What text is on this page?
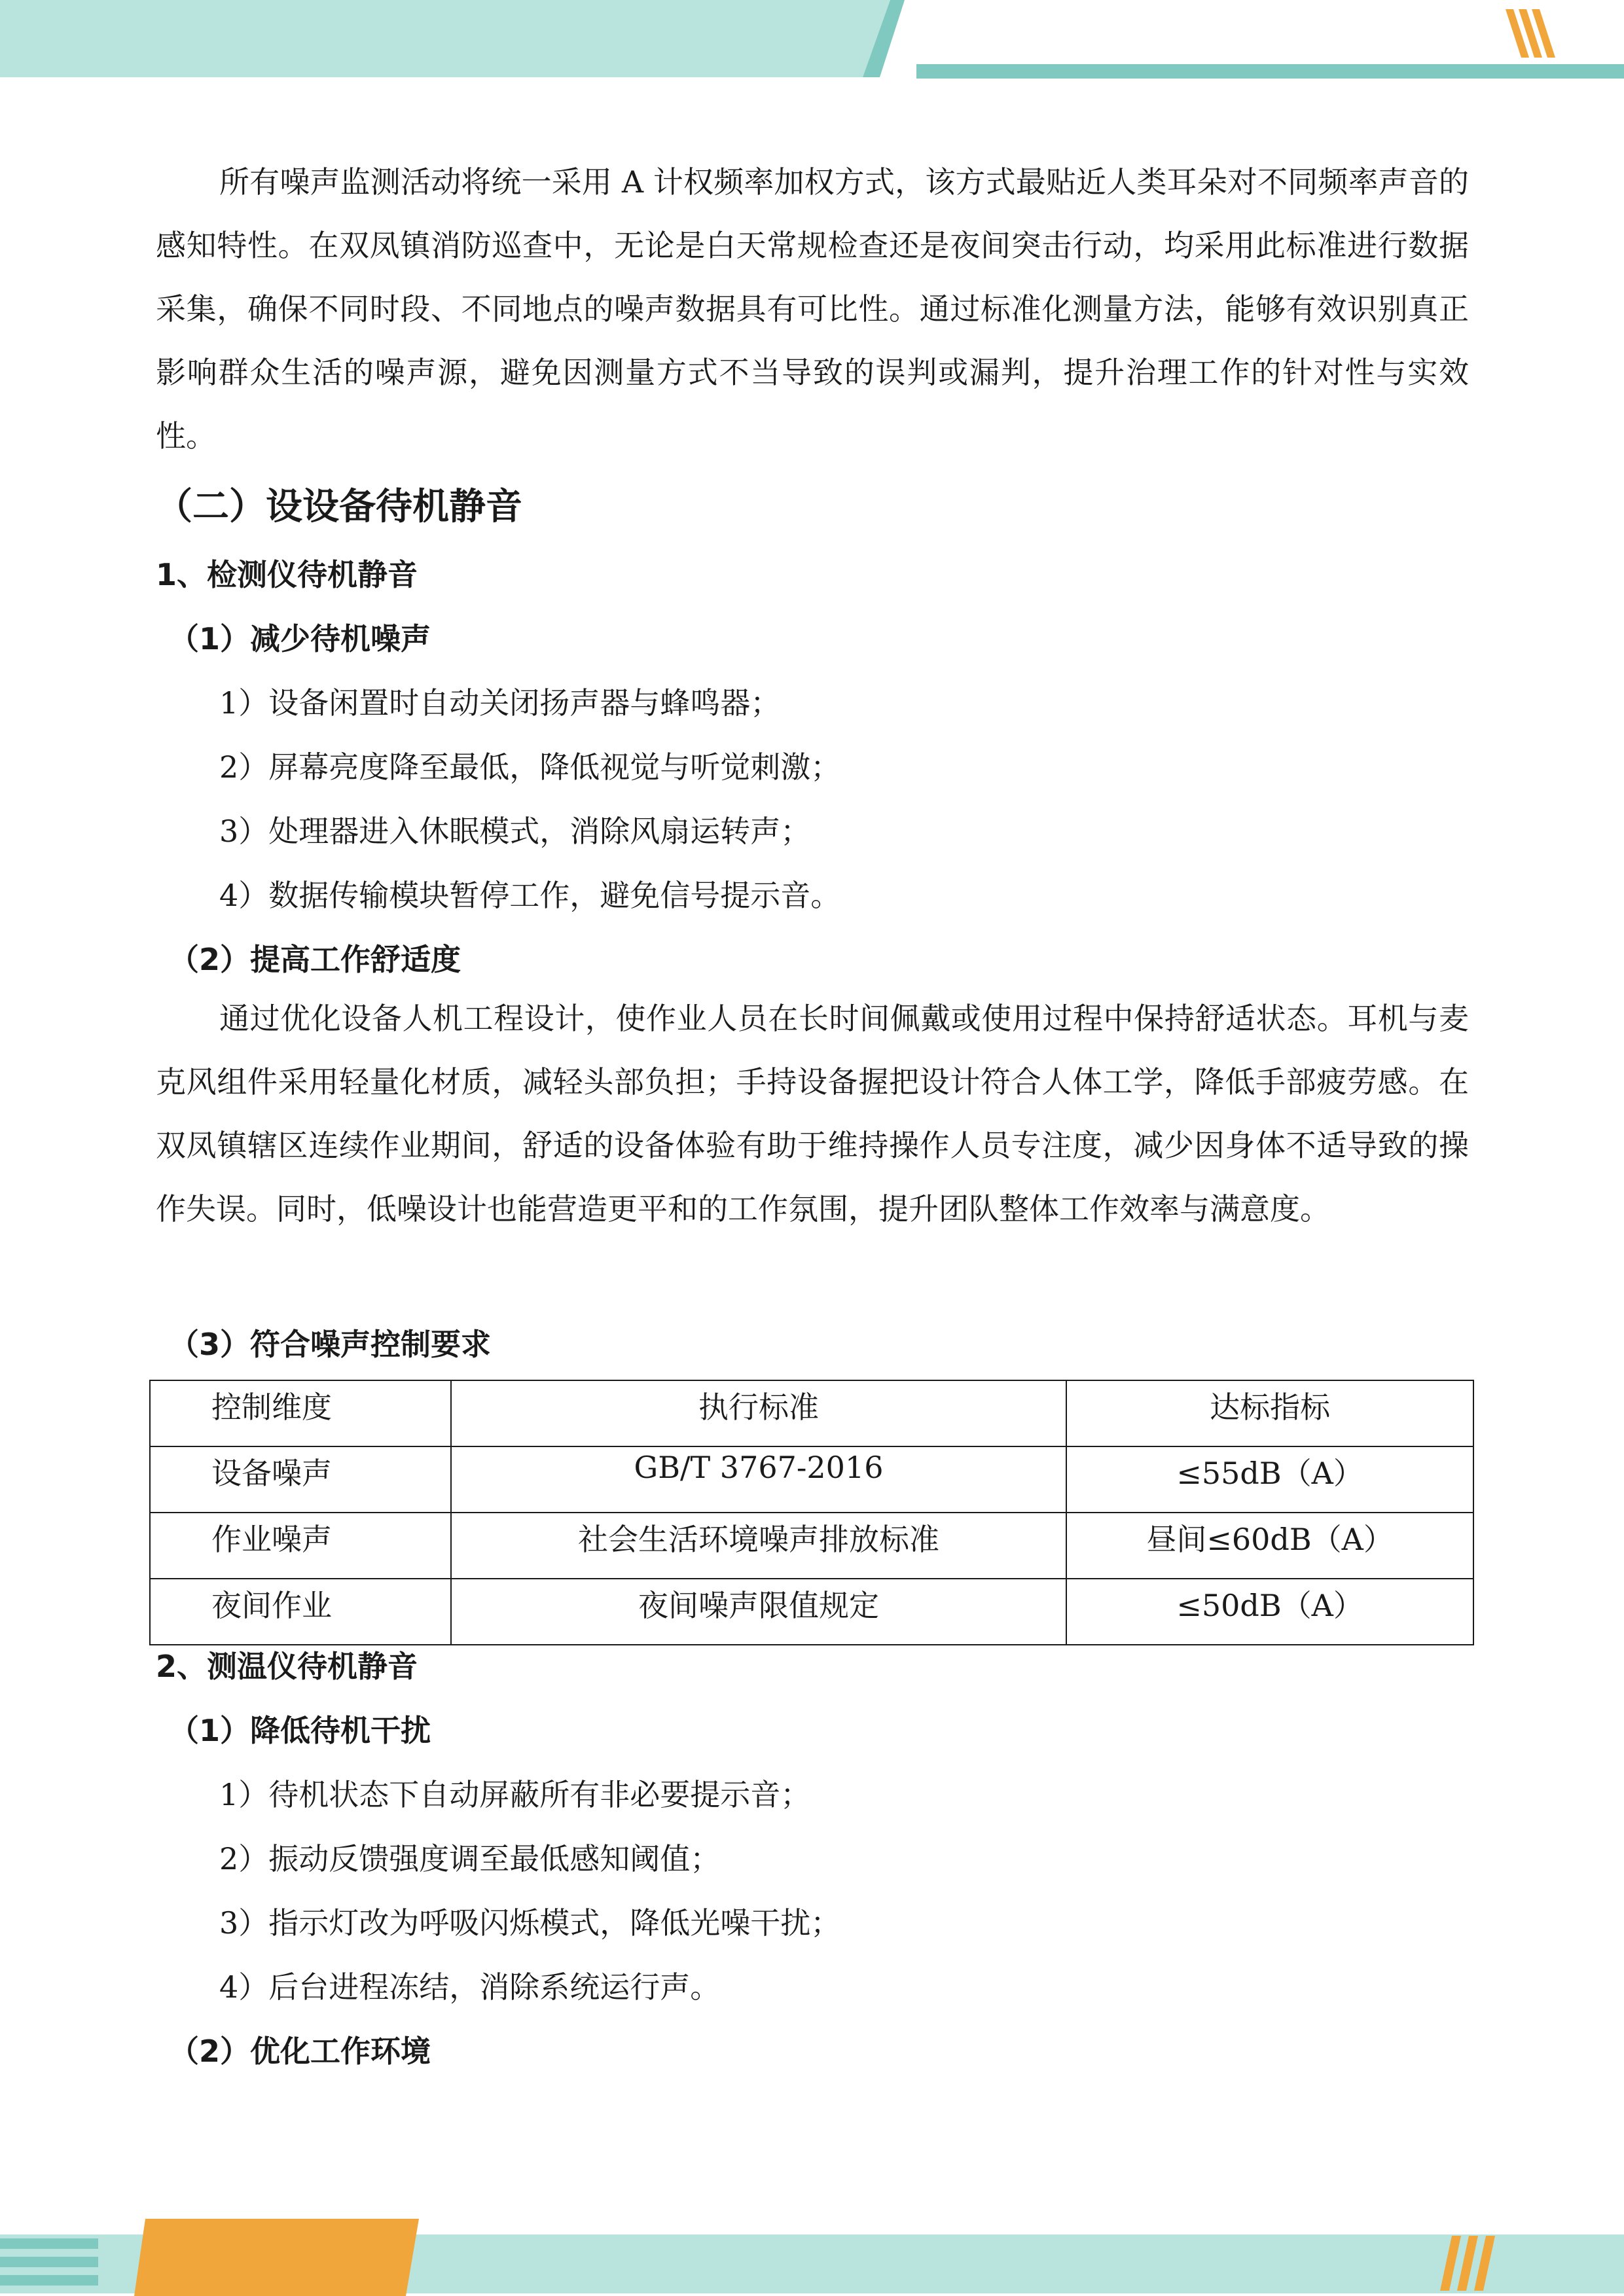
所有噪声监测活动将统一采用 A 计权频率加权方式，该方式最贴近人类耳朵对不同频率声音的感知特性。在双凤镇消防巡查中，无论是白天常规检查还是夜间突击行动，均采用此标准进行数据采集，确保不同时段、不同地点的噪声数据具有可比性。通过标准化测量方法，能够有效识别真正影响群众生活的噪声源，避免因测量方式不当导致的误判或漏判，提升治理工作的针对性与实效性。

（二）设设备待机静音
1、检测仪待机静音
（1）减少待机噪声

1）设备闲置时自动关闭扬声器与蜂鸣器；

2）屏幕亮度降至最低，降低视觉与听觉刺激；

3）处理器进入休眠模式，消除风扇运转声；

4）数据传输模块暂停工作，避免信号提示音。

（2）提高工作舒适度

通过优化设备人机工程设计，使作业人员在长时间佩戴或使用过程中保持舒适状态。耳机与麦克风组件采用轻量化材质，减轻头部负担；手持设备握把设计符合人体工学，降低手部疲劳感。在双凤镇辖区连续作业期间，舒适的设备体验有助于维持操作人员专注度，减少因身体不适导致的操作失误。同时，低噪设计也能营造更平和的工作氛围，提升团队整体工作效率与满意度。

（3）符合噪声控制要求
控制维度	执行标准	达标指标
设备噪声	GB/T 3767-2016	≤55dB（A）
作业噪声	社会生活环境噪声排放标准	昼间≤60dB（A）
夜间作业	夜间噪声限值规定	≤50dB（A）
2、测温仪待机静音
（1）降低待机干扰

1）待机状态下自动屏蔽所有非必要提示音；

2）振动反馈强度调至最低感知阈值；

3）指示灯改为呼吸闪烁模式，降低光噪干扰；

4）后台进程冻结，消除系统运行声。

（2）优化工作环境
